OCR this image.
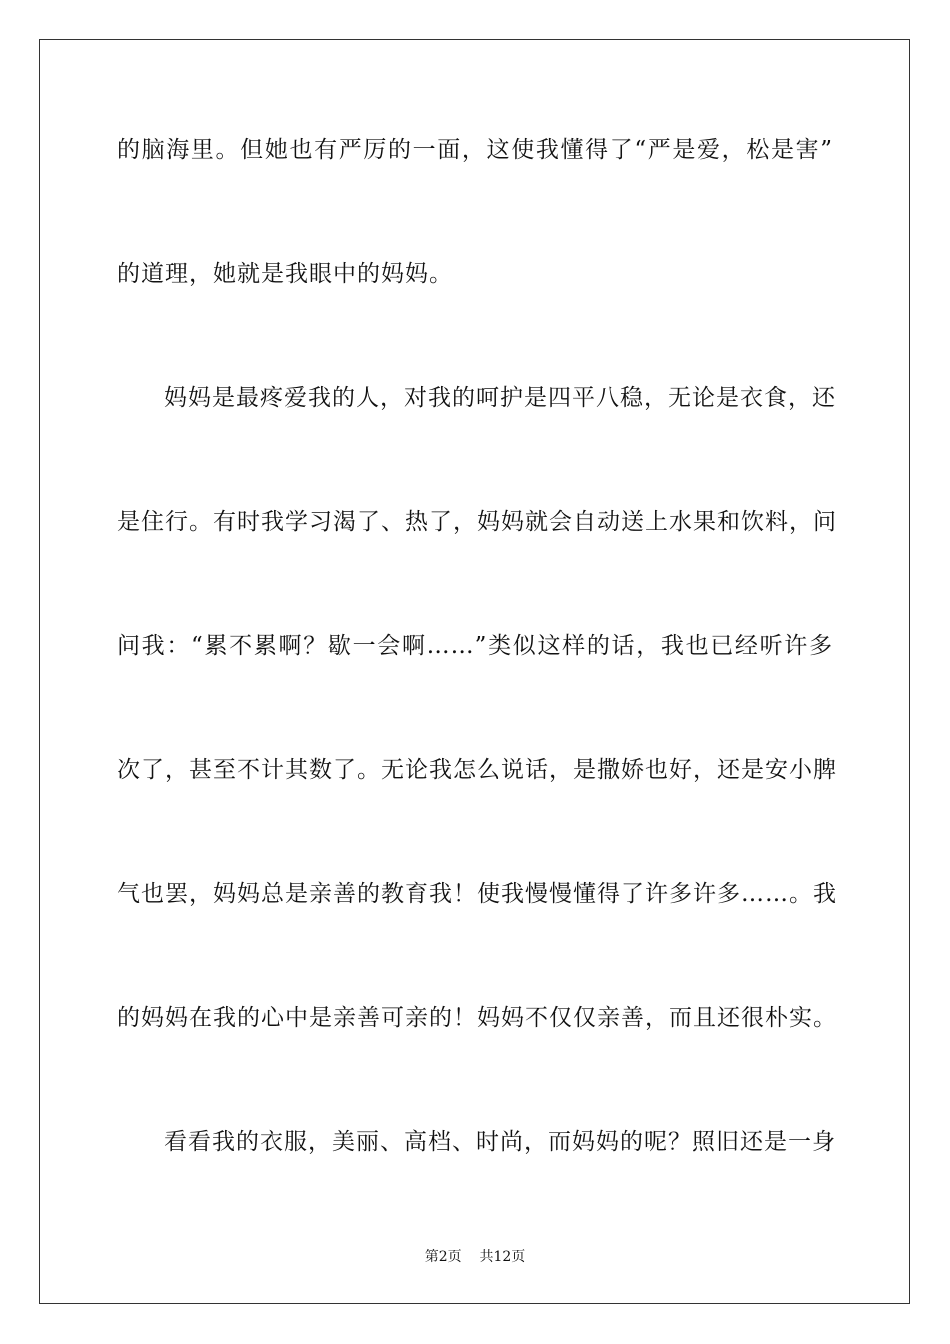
的脑海里。但她也有严厉的一面，这使我懂得了“严是爱，松是害”
的道理，她就是我眼中的妈妈。
妈妈是最疼爱我的人，对我的呵护是四平八稳，无论是衣食，还
是住行。有时我学习渴了、热了，妈妈就会自动送上水果和饮料，问
问我：“累不累啊？歇一会啊……”类似这样的话，我也已经听许多
次了，甚至不计其数了。无论我怎么说话，是撒娇也好，还是安小脾
气也罢，妈妈总是亲善的教育我！使我慢慢懂得了许多许多……。我
的妈妈在我的心中是亲善可亲的！妈妈不仅仅亲善，而且还很朴实。
看看我的衣服，美丽、高档、时尚，而妈妈的呢？照旧还是一身
第2页 共12页
